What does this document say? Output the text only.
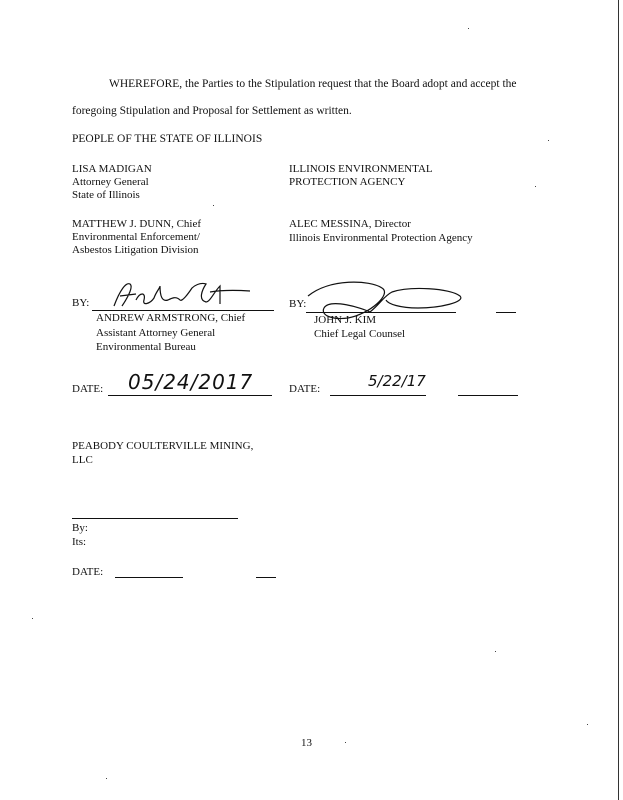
WHEREFORE, the Parties to the Stipulation request that the Board adopt and accept the
foregoing Stipulation and Proposal for Settlement as written.
PEOPLE OF THE STATE OF ILLINOIS
LISA MADIGAN
Attorney General
State of Illinois
MATTHEW J. DUNN, Chief
Environmental Enforcement/
Asbestos Litigation Division
ILLINOIS ENVIRONMENTAL
PROTECTION AGENCY
ALEC MESSINA, Director
Illinois Environmental Protection Agency
BY:
ANDREW ARMSTRONG, Chief
Assistant Attorney General
Environmental Bureau
BY:
JOHN J. KIM
Chief Legal Counsel
DATE: 05/24/2017	DATE:	5/22/17
PEABODY COULTERVILLE MINING,
LLC
By:
Its:
DATE:
13
